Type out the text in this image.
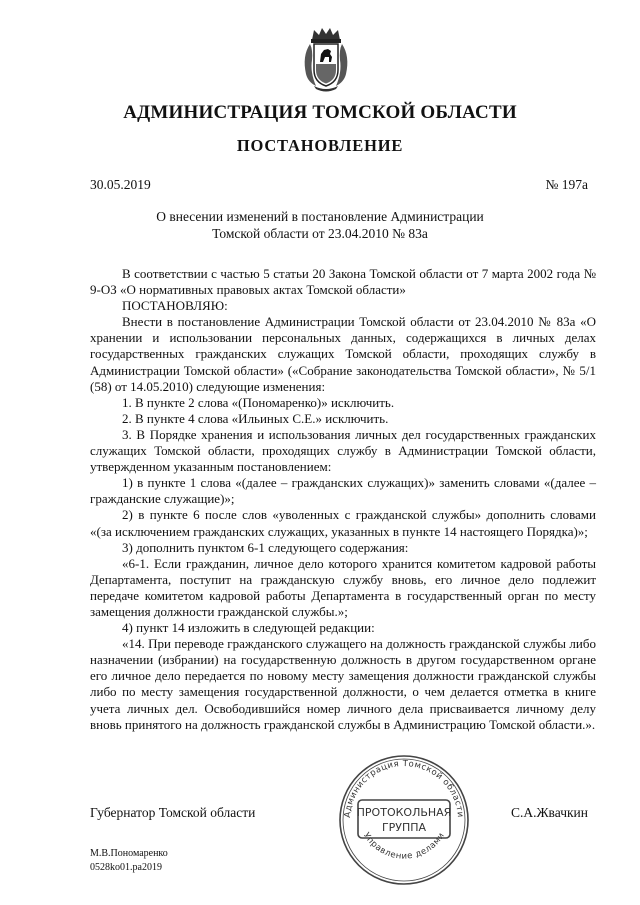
АДМИНИСТРАЦИЯ ТОМСКОЙ ОБЛАСТИ
ПОСТАНОВЛЕНИЕ
30.05.2019	№ 197а
О внесении изменений в постановление Администрации
Томской области от 23.04.2010 № 83а

В соответствии с частью 5 статьи 20 Закона Томской области от 7 марта 2002 года № 9-ОЗ «О нормативных правовых актах Томской области»

ПОСТАНОВЛЯЮ:

Внести в постановление Администрации Томской области от 23.04.2010 № 83а «О хранении и использовании персональных данных, содержащихся в личных делах государственных гражданских служащих Томской области, проходящих службу в Администрации Томской области» («Собрание законодательства Томской области», № 5/1 (58) от 14.05.2010) следующие изменения:

1. В пункте 2 слова «(Пономаренко)» исключить.

2. В пункте 4 слова «Ильиных С.Е.» исключить.

3. В Порядке хранения и использования личных дел государственных гражданских служащих Томской области, проходящих службу в Администрации Томской области, утвержденном указанным постановлением:

1) в пункте 1 слова «(далее – гражданских служащих)» заменить словами «(далее – гражданские служащие)»;

2) в пункте 6 после слов «уволенных с гражданской службы» дополнить словами «(за исключением гражданских служащих, указанных в пункте 14 настоящего Порядка)»;

3) дополнить пунктом 6-1 следующего содержания:

«6-1. Если гражданин, личное дело которого хранится комитетом кадровой работы Департамента, поступит на гражданскую службу вновь, его личное дело подлежит передаче комитетом кадровой работы Департамента в государственный орган по месту замещения должности гражданской службы.»;

4) пункт 14 изложить в следующей редакции:

«14. При переводе гражданского служащего на должность гражданской службы либо назначении (избрании) на государственную должность в другом государственном органе его личное дело передается по новому месту замещения должности гражданской службы либо по месту замещения государственной должности, о чем делается отметка в книге учета личных дел. Освободившийся номер личного дела присваивается личному делу вновь принятого на должность гражданской службы в Администрацию Томской области.».

Администрация Томской области
Управление делами
ПРОТОКОЛЬНАЯ
ГРУППА
Губернатор Томской области	С.А.Жвачкин
М.В.Пономаренко
0528ko01.pa2019
